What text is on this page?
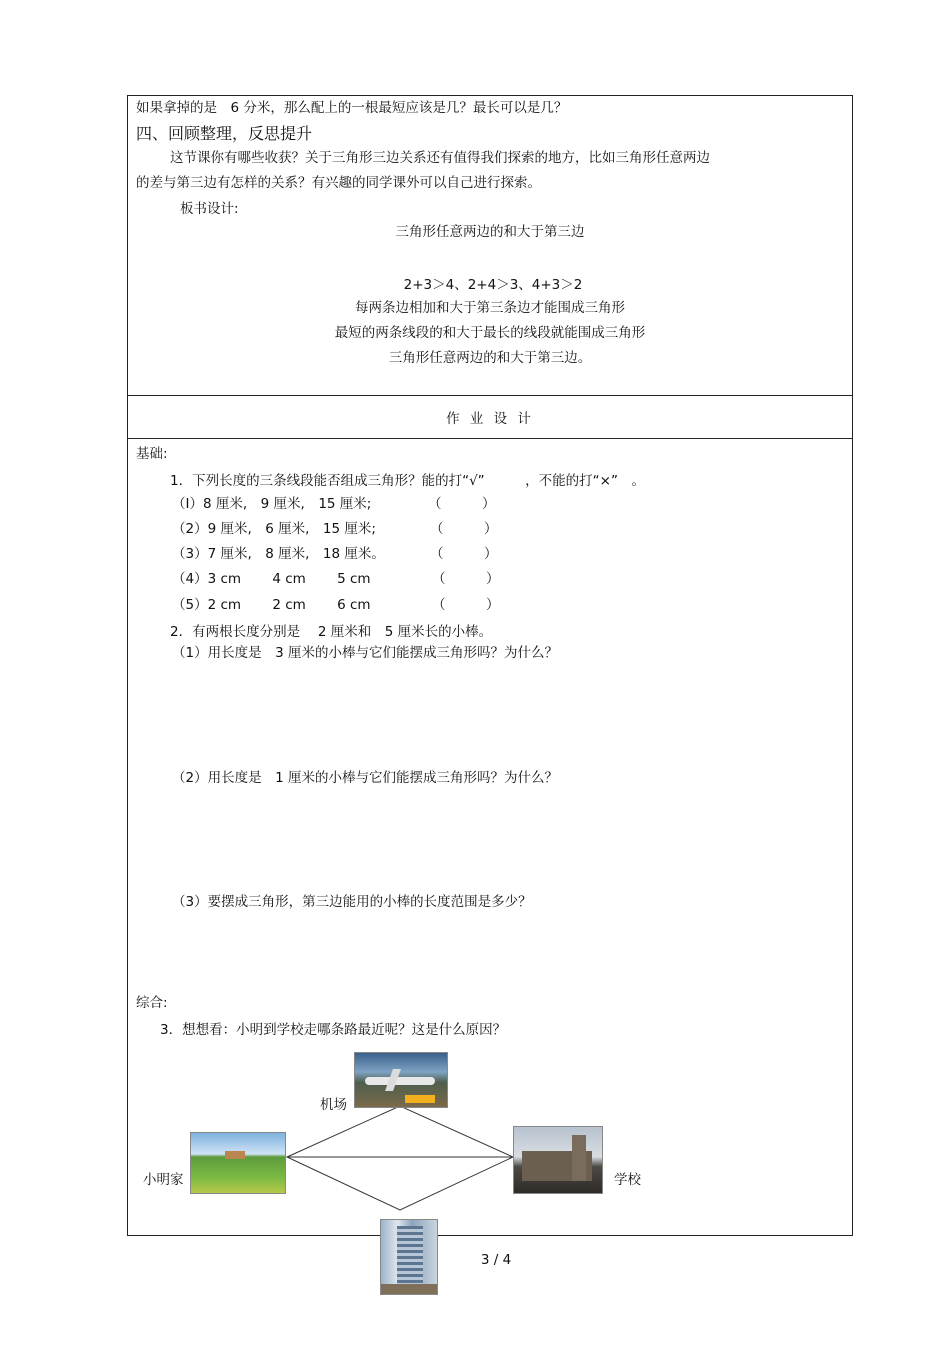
如果拿掉的是　6 分米，那么配上的一根最短应该是几？最长可以是几？
四、回顾整理，反思提升
这节课你有哪些收获？关于三角形三边关系还有值得我们探索的地方，比如三角形任意两边
的差与第三边有怎样的关系？有兴趣的同学课外可以自己进行探索。
板书设计:
三角形任意两边的和大于第三边
2+3＞4、2+4＞3、4+3＞2
每两条边相加和大于第三条边才能围成三角形
最短的两条线段的和大于最长的线段就能围成三角形
三角形任意两边的和大于第三边。
作 业 设 计
基础:
1．下列长度的三条线段能否组成三角形？能的打“√”　　　，不能的打“×”　。
（Ⅰ）8 厘米,　9 厘米,　15 厘米;	（　　　）
（2）9 厘米,　6 厘米,　15 厘米;	（　　　）
（3）7 厘米,　8 厘米,　18 厘米。	（　　　）
（4）3 cm　　 4 cm　　 5 cm	（　　　）
（5）2 cm　　 2 cm　　 6 cm	（　　　）
2．有两根长度分别是　 2 厘米和　5 厘米长的小棒。
（1）用长度是　3 厘米的小棒与它们能摆成三角形吗？为什么？
（2）用长度是　1 厘米的小棒与它们能摆成三角形吗？为什么？
（3）要摆成三角形，第三边能用的小棒的长度范围是多少？
综合:
3．想想看：小明到学校走哪条路最近呢？这是什么原因？
机场
小明家	学校
3 / 4
